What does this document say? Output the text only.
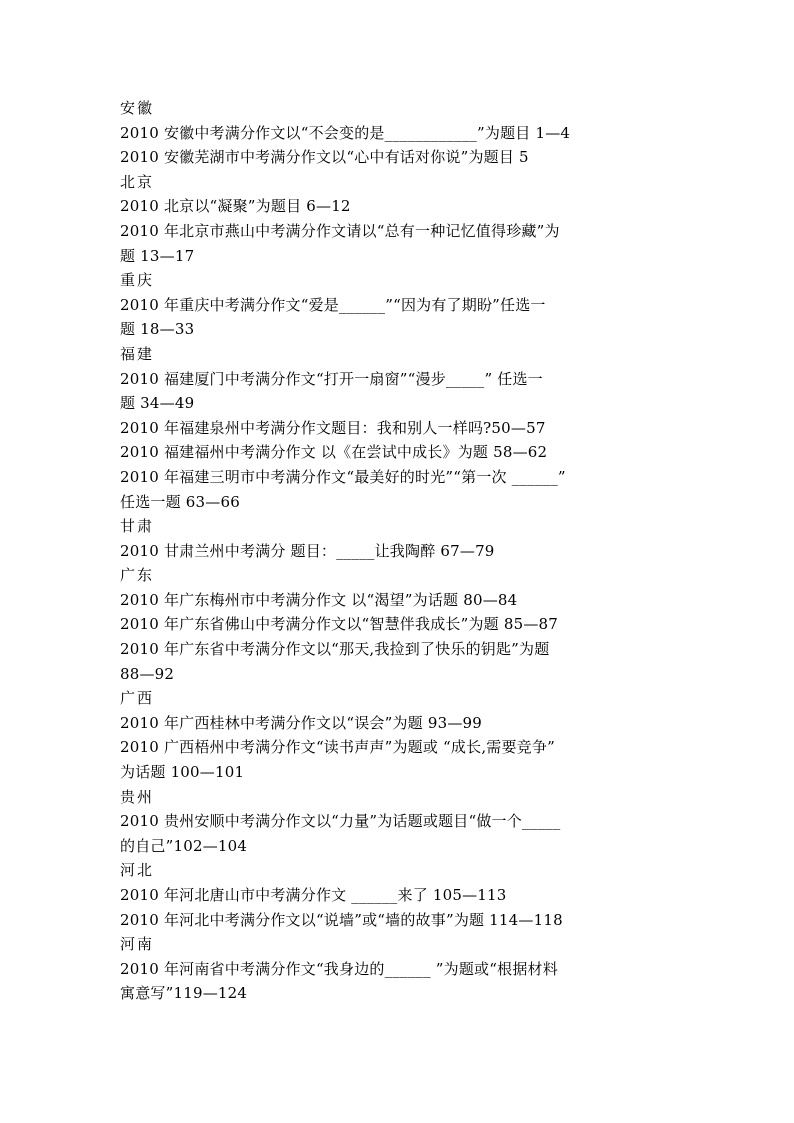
安徽
2010 安徽中考满分作文以“不会变的是____________”为题目 1—4
2010 安徽芜湖市中考满分作文以“心中有话对你说”为题目 5
北京
2010 北京以“凝聚”为题目 6—12
2010 年北京市燕山中考满分作文请以“总有一种记忆值得珍藏”为
题 13—17
重庆
2010 年重庆中考满分作文“爱是______”“因为有了期盼”任选一
题 18—33
福建
2010 福建厦门中考满分作文“打开一扇窗”“漫步_____” 任选一
题 34—49
2010 年福建泉州中考满分作文题目：我和别人一样吗?50—57
2010 福建福州中考满分作文 以《在尝试中成长》为题 58—62
2010 年福建三明市中考满分作文“最美好的时光”“第一次 ______”
任选一题 63—66
甘肃
2010 甘肃兰州中考满分 题目：_____让我陶醉 67—79
广东
2010 年广东梅州市中考满分作文 以“渴望”为话题 80—84
2010 年广东省佛山中考满分作文以“智慧伴我成长”为题 85—87
2010 年广东省中考满分作文以“那天,我捡到了快乐的钥匙”为题
88—92
广西
2010 年广西桂林中考满分作文以“误会”为题 93—99
2010 广西梧州中考满分作文“读书声声”为题或 “成长,需要竞争”
为话题 100—101
贵州
2010 贵州安顺中考满分作文以“力量”为话题或题目“做一个_____
的自己”102—104
河北
2010 年河北唐山市中考满分作文 ______来了 105—113
2010 年河北中考满分作文以“说墙”或“墙的故事”为题 114—118
河南
2010 年河南省中考满分作文“我身边的______ ”为题或“根据材料
寓意写”119—124
